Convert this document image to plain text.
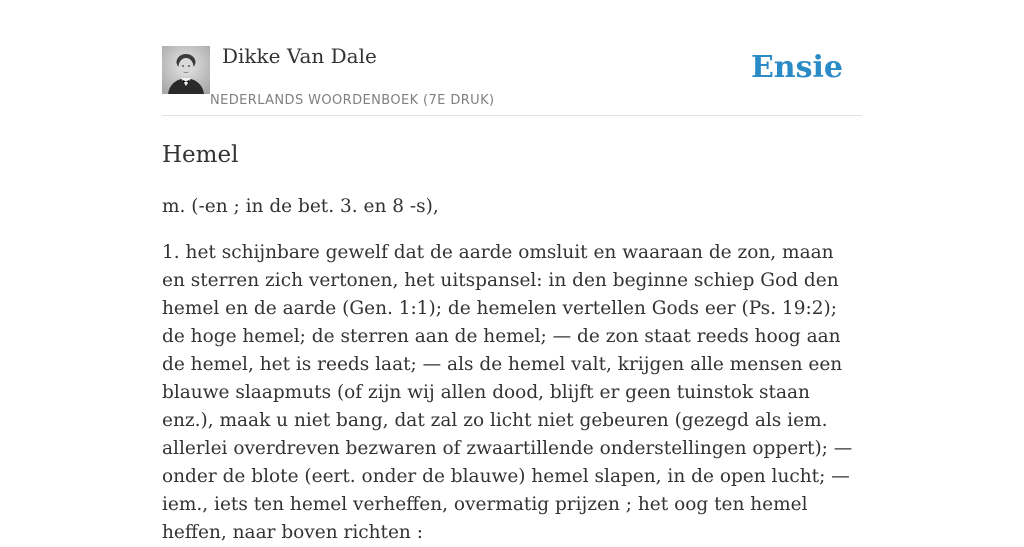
Dikke Van Dale
NEDERLANDS WOORDENBOEK (7E DRUK)
Ensie
Hemel

m. (-en ; in de bet. 3. en 8 -s),

1. het schijnbare gewelf dat de aarde omsluit en waaraan de zon, maan en sterren zich vertonen, het uitspansel: in den beginne schiep God den hemel en de aarde (Gen. 1:1); de hemelen vertellen Gods eer (Ps. 19:2); de hoge hemel; de sterren aan de hemel; — de zon staat reeds hoog aan de hemel, het is reeds laat; — als de hemel valt, krijgen alle mensen een blauwe slaapmuts (of zijn wij allen dood, blijft er geen tuinstok staan enz.), maak u niet bang, dat zal zo licht niet gebeuren (gezegd als iem. allerlei overdreven bezwaren of zwaartillende onderstellingen oppert); — onder de blote (eert. onder de blauwe) hemel slapen, in de open lucht; — iem., iets ten hemel verheffen, overmatig prijzen ; het oog ten hemel heffen, naar boven richten :
